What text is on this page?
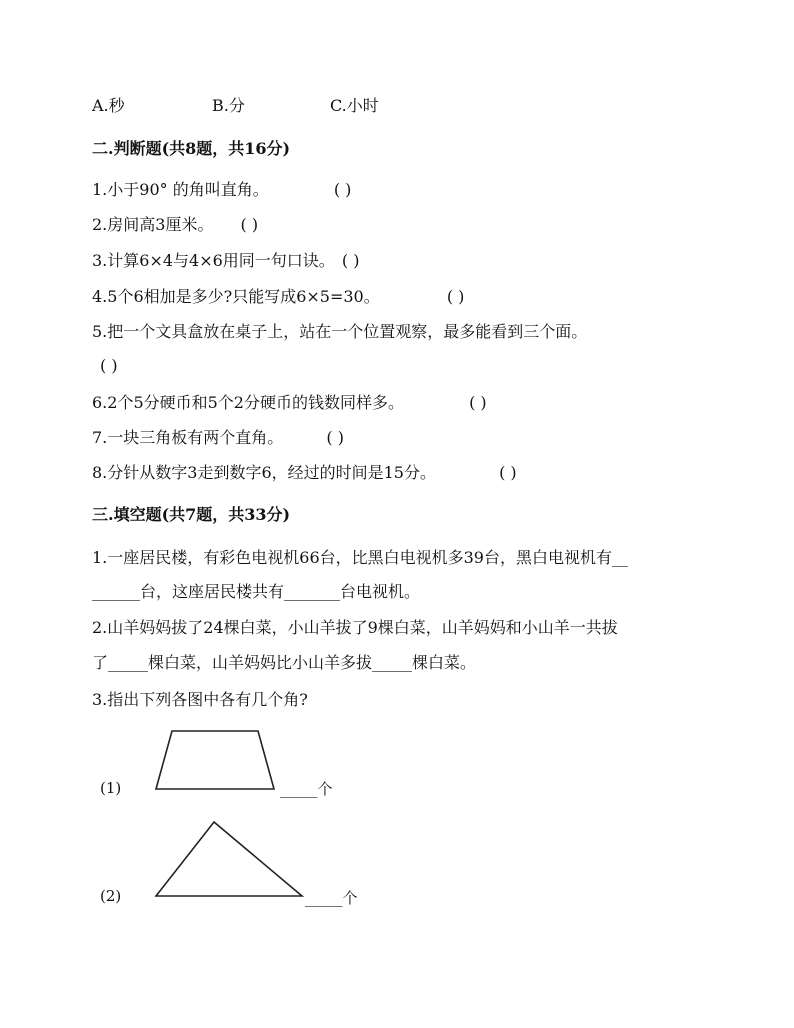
A.秒	B.分	C.小时
二.判断题(共8题，共16分)
1.小于90° 的角叫直角。	( )
2.房间高3厘米。 ( )
3.计算6×4与4×6用同一句口诀。 ( )
4.5个6相加是多少?只能写成6×5=30。	( )
5.把一个文具盒放在桌子上，站在一个位置观察，最多能看到三个面。
( )
6.2个5分硬币和5个2分硬币的钱数同样多。	( )
7.一块三角板有两个直角。	( )
8.分针从数字3走到数字6，经过的时间是15分。	( )
三.填空题(共7题，共33分)
1.一座居民楼，有彩色电视机66台，比黑白电视机多39台，黑白电视机有__
______台，这座居民楼共有_______台电视机。
2.山羊妈妈拔了24棵白菜，小山羊拔了9棵白菜，山羊妈妈和小山羊一共拔
了_____棵白菜，山羊妈妈比小山羊多拔_____棵白菜。
3.指出下列各图中各有几个角?
(1)	_____个
(2)	_____个
